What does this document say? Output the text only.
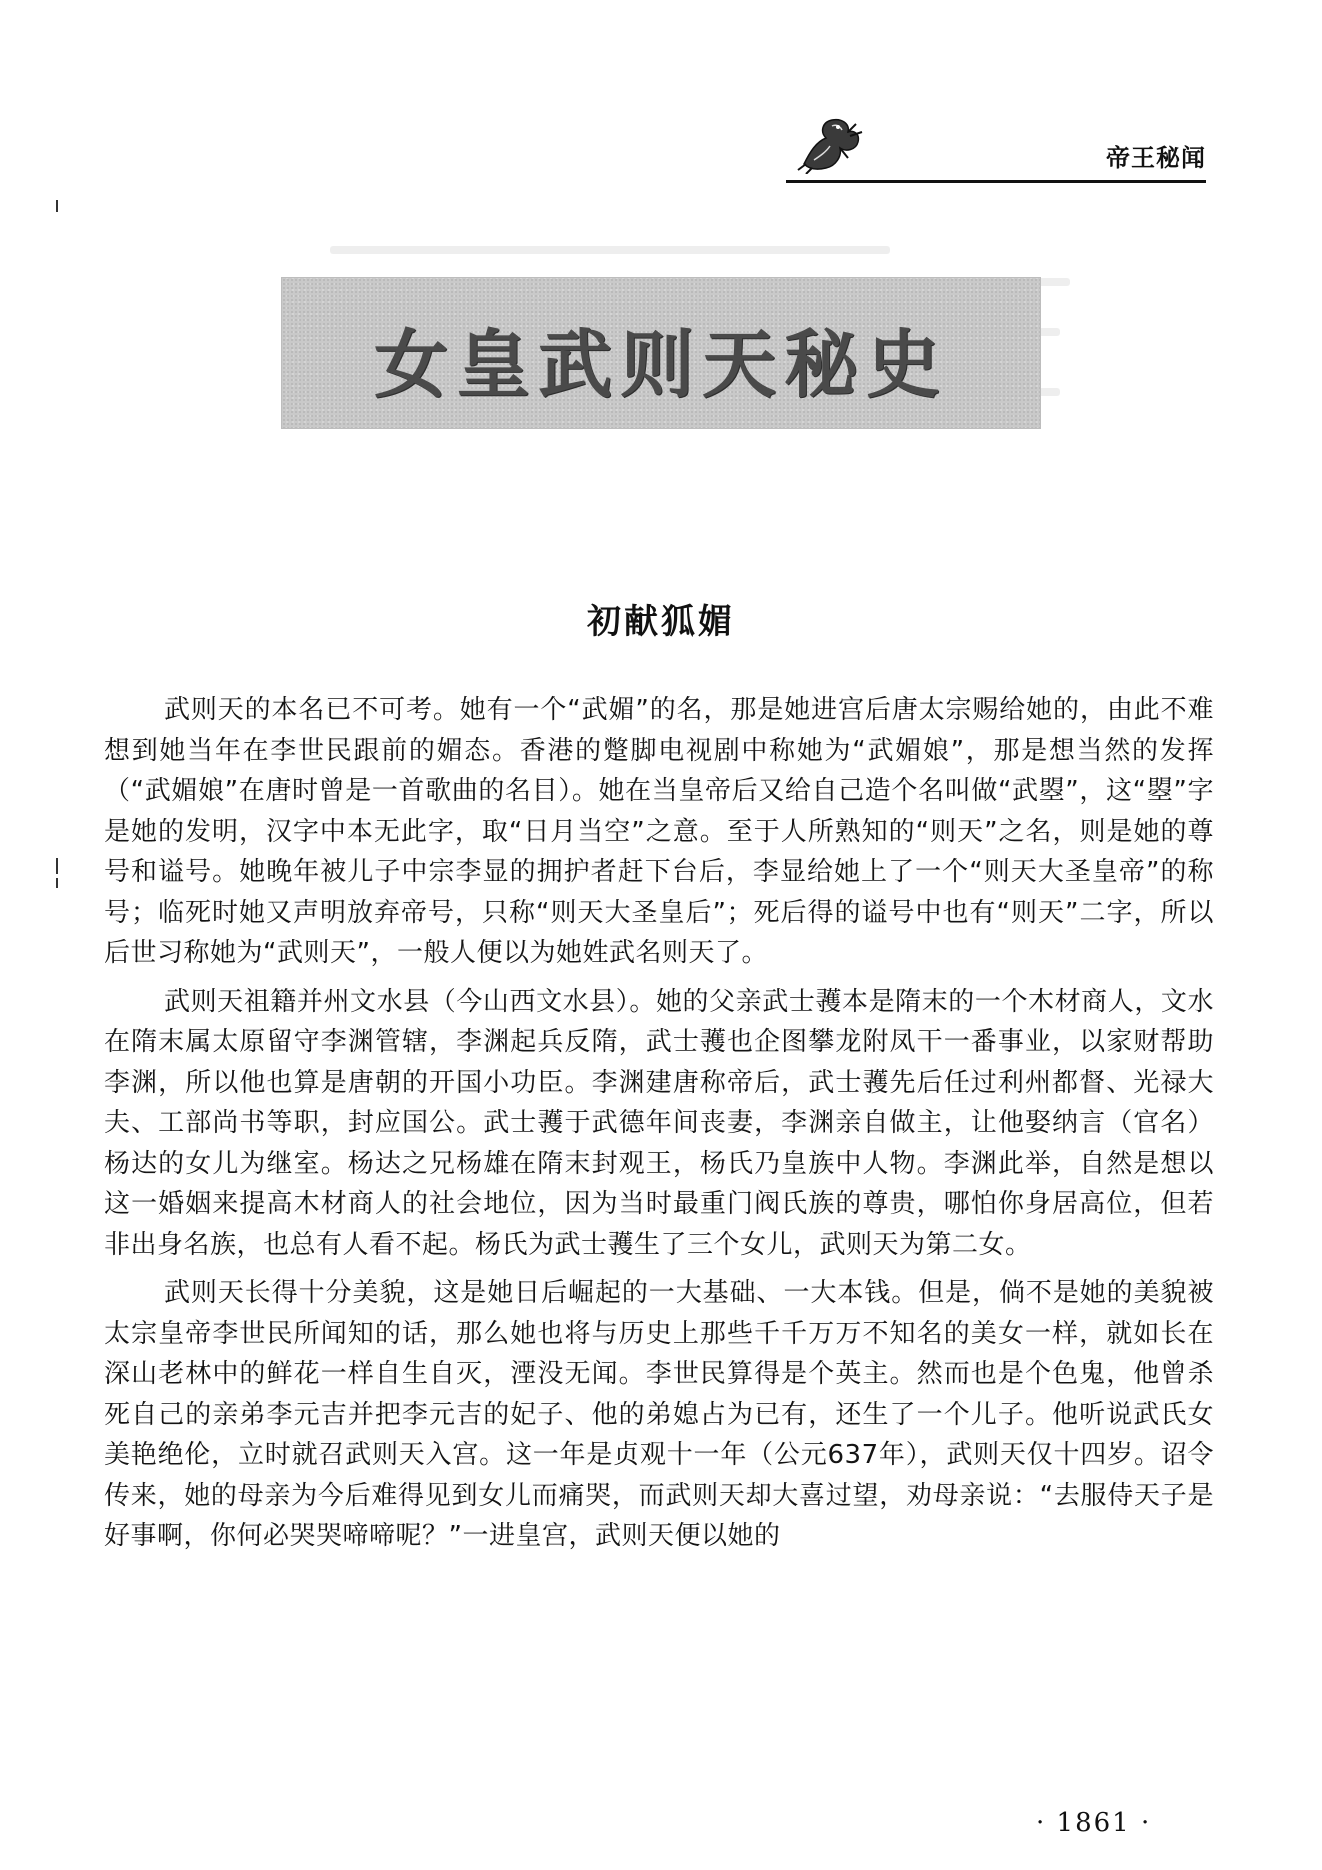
帝王秘闻
女皇武则天秘史
初献狐媚

武则天的本名已不可考。她有一个“武媚”的名，那是她进宫后唐太宗赐给她的，由此不难想到她当年在李世民跟前的媚态。香港的蹩脚电视剧中称她为“武媚娘”，那是想当然的发挥（“武媚娘”在唐时曾是一首歌曲的名目）。她在当皇帝后又给自己造个名叫做“武曌”，这“曌”字是她的发明，汉字中本无此字，取“日月当空”之意。至于人所熟知的“则天”之名，则是她的尊号和谥号。她晚年被儿子中宗李显的拥护者赶下台后，李显给她上了一个“则天大圣皇帝”的称号；临死时她又声明放弃帝号，只称“则天大圣皇后”；死后得的谥号中也有“则天”二字，所以后世习称她为“武则天”，一般人便以为她姓武名则天了。

武则天祖籍并州文水县（今山西文水县）。她的父亲武士彟本是隋末的一个木材商人，文水在隋末属太原留守李渊管辖，李渊起兵反隋，武士彟也企图攀龙附凤干一番事业，以家财帮助李渊，所以他也算是唐朝的开国小功臣。李渊建唐称帝后，武士彟先后任过利州都督、光禄大夫、工部尚书等职，封应国公。武士彟于武德年间丧妻，李渊亲自做主，让他娶纳言（官名）杨达的女儿为继室。杨达之兄杨雄在隋末封观王，杨氏乃皇族中人物。李渊此举，自然是想以这一婚姻来提高木材商人的社会地位，因为当时最重门阀氏族的尊贵，哪怕你身居高位，但若非出身名族，也总有人看不起。杨氏为武士彟生了三个女儿，武则天为第二女。

武则天长得十分美貌，这是她日后崛起的一大基础、一大本钱。但是，倘不是她的美貌被太宗皇帝李世民所闻知的话，那么她也将与历史上那些千千万万不知名的美女一样，就如长在深山老林中的鲜花一样自生自灭，湮没无闻。李世民算得是个英主。然而也是个色鬼，他曾杀死自己的亲弟李元吉并把李元吉的妃子、他的弟媳占为已有，还生了一个儿子。他听说武氏女美艳绝伦，立时就召武则天入宫。这一年是贞观十一年（公元637年），武则天仅十四岁。诏令传来，她的母亲为今后难得见到女儿而痛哭，而武则天却大喜过望，劝母亲说：“去服侍天子是好事啊，你何必哭哭啼啼呢？”一进皇宫，武则天便以她的

· 1861 ·
